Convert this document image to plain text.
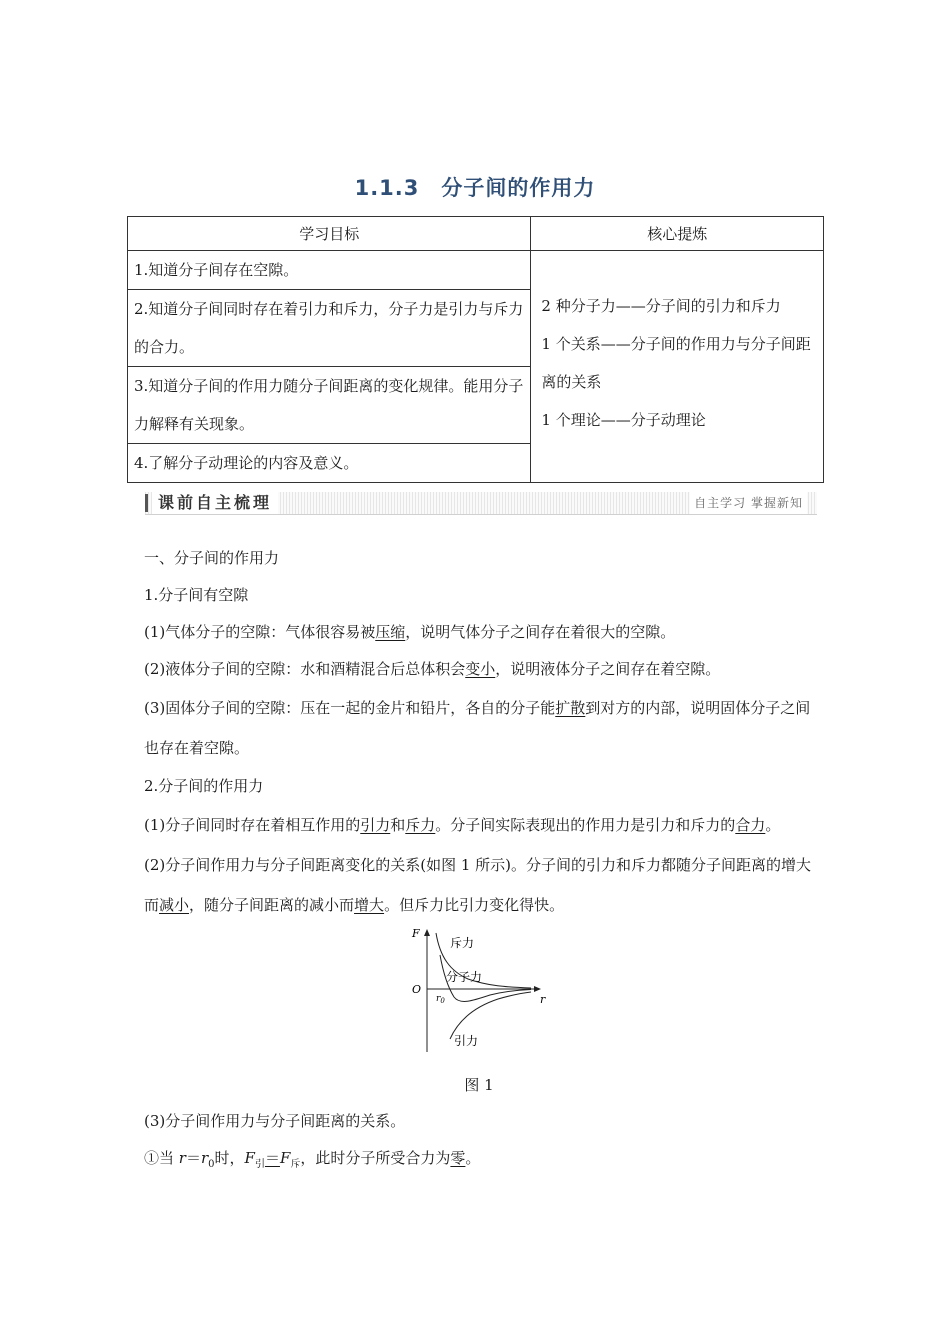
1.1.3 分子间的作用力
学习目标	核心提炼
1.知道分子间存在空隙。	2 种分子力——分子间的引力和斥力
1 个关系——分子间的作用力与分子间距离的关系
1 个理论——分子动理论

2.知道分子间同时存在着引力和斥力，分子力是引力与斥力的合力。	
3.知道分子间的作用力随分子间距离的变化规律。能用分子力解释有关现象。	
4.了解分子动理论的内容及意义。	
课前自主梳理	自主学习 掌握新知

一、分子间的作用力

1.分子间有空隙

(1)气体分子的空隙：气体很容易被压缩，说明气体分子之间存在着很大的空隙。

(2)液体分子间的空隙：水和酒精混合后总体积会变小，说明液体分子之间存在着空隙。

(3)固体分子间的空隙：压在一起的金片和铅片，各自的分子能扩散到对方的内部，说明固体分子之间也存在着空隙。

2.分子间的作用力

(1)分子间同时存在着相互作用的引力和斥力。分子间实际表现出的作用力是引力和斥力的合力。

(2)分子间作用力与分子间距离变化的关系(如图 1 所示)。分子间的引力和斥力都随分子间距离的增大而减小，随分子间距离的减小而增大。但斥力比引力变化得快。

F
r
O
$r_0$
斥力
分子力
引力
图 1

(3)分子间作用力与分子间距离的关系。

①当 $r=r_0$时，$F_引=F_斥$，此时分子所受合力为零。
